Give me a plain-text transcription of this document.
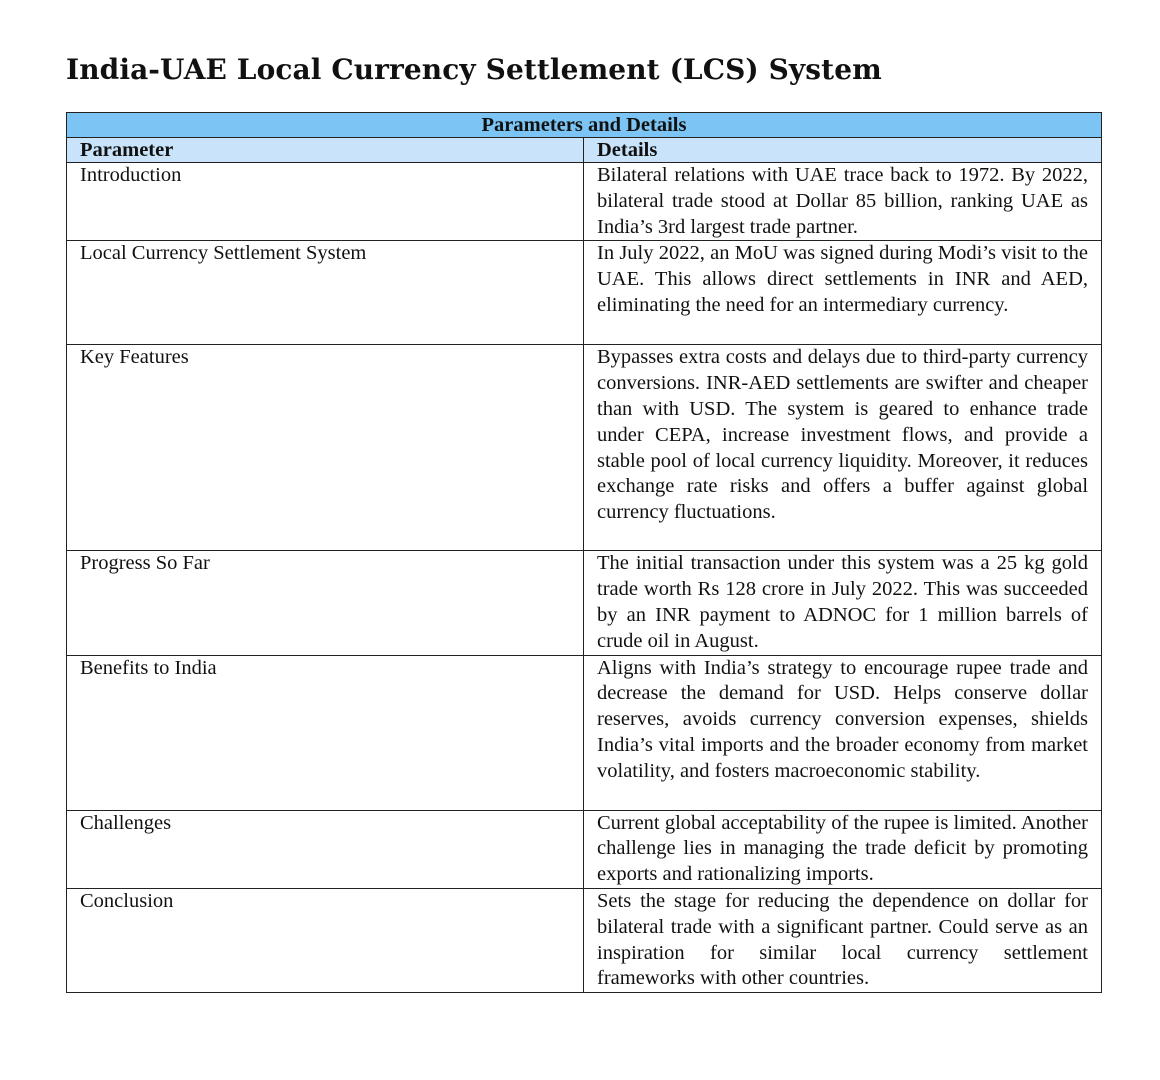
India-UAE Local Currency Settlement (LCS) System
Parameters and Details	
Parameter	Details
Introduction	Bilateral relations with UAE trace back to 1972. By 2022, bilateral trade stood at Dollar 85 billion, ranking UAE as India’s 3rd largest trade partner.
Local Currency Settlement System	In July 2022, an MoU was signed during Modi’s visit to the UAE. This allows direct settlements in INR and AED, eliminating the need for an intermediary currency.
Key Features	Bypasses extra costs and delays due to third-party currency conversions. INR-AED settlements are swifter and cheaper than with USD. The system is geared to enhance trade under CEPA, increase investment flows, and provide a stable pool of local currency liquidity. Moreover, it reduces exchange rate risks and offers a buffer against global currency fluctuations.
Progress So Far	The initial transaction under this system was a 25 kg gold trade worth Rs 128 crore in July 2022. This was succeeded by an INR payment to ADNOC for 1 million barrels of crude oil in August.
Benefits to India	Aligns with India’s strategy to encourage rupee trade and decrease the demand for USD. Helps conserve dollar reserves, avoids currency conversion expenses, shields India’s vital imports and the broader economy from market volatility, and fosters macroeconomic stability.
Challenges	Current global acceptability of the rupee is limited. Another challenge lies in managing the trade deficit by promoting exports and rationalizing imports.
Conclusion	Sets the stage for reducing the dependence on dollar for bilateral trade with a significant partner. Could serve as an inspiration for similar local currency settlement frameworks with other countries.
